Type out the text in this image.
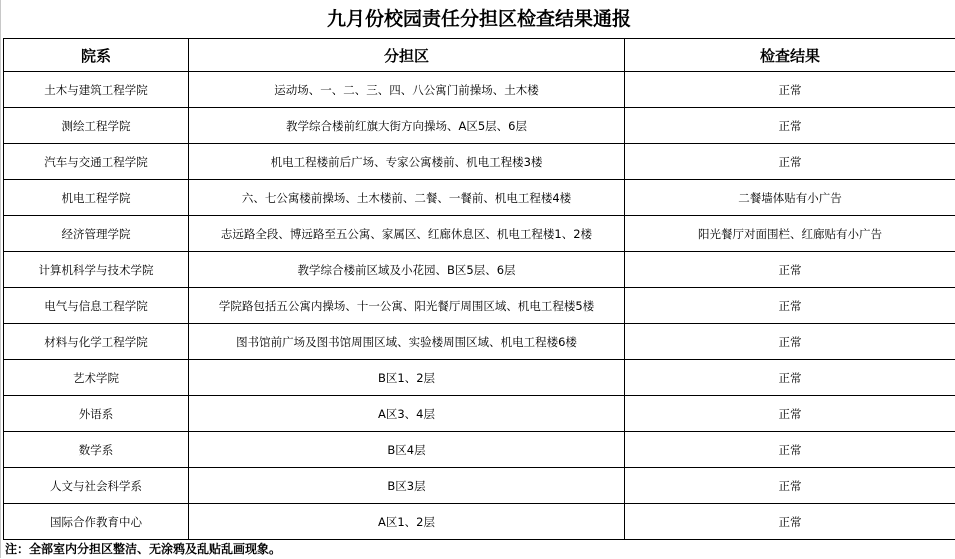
九月份校园责任分担区检查结果通报
院系	分担区	检查结果
土木与建筑工程学院	运动场、一、二、三、四、八公寓门前操场、土木楼	正常
测绘工程学院	教学综合楼前红旗大街方向操场、A区5层、6层	正常
汽车与交通工程学院	机电工程楼前后广场、专家公寓楼前、机电工程楼3楼	正常
机电工程学院	六、七公寓楼前操场、土木楼前、二餐、一餐前、机电工程楼4楼	二餐墙体贴有小广告
经济管理学院	志远路全段、博远路至五公寓、家属区、红廊休息区、机电工程楼1、2楼	阳光餐厅对面围栏、红廊贴有小广告
计算机科学与技术学院	教学综合楼前区域及小花园、B区5层、6层	正常
电气与信息工程学院	学院路包括五公寓内操场、十一公寓、阳光餐厅周围区域、机电工程楼5楼	正常
材料与化学工程学院	图书馆前广场及图书馆周围区域、实验楼周围区域、机电工程楼6楼	正常
艺术学院	B区1、2层	正常
外语系	A区3、4层	正常
数学系	B区4层	正常
人文与社会科学系	B区3层	正常
国际合作教育中心	A区1、2层	正常
注：全部室内分担区整洁、无涂鸦及乱贴乱画现象。
